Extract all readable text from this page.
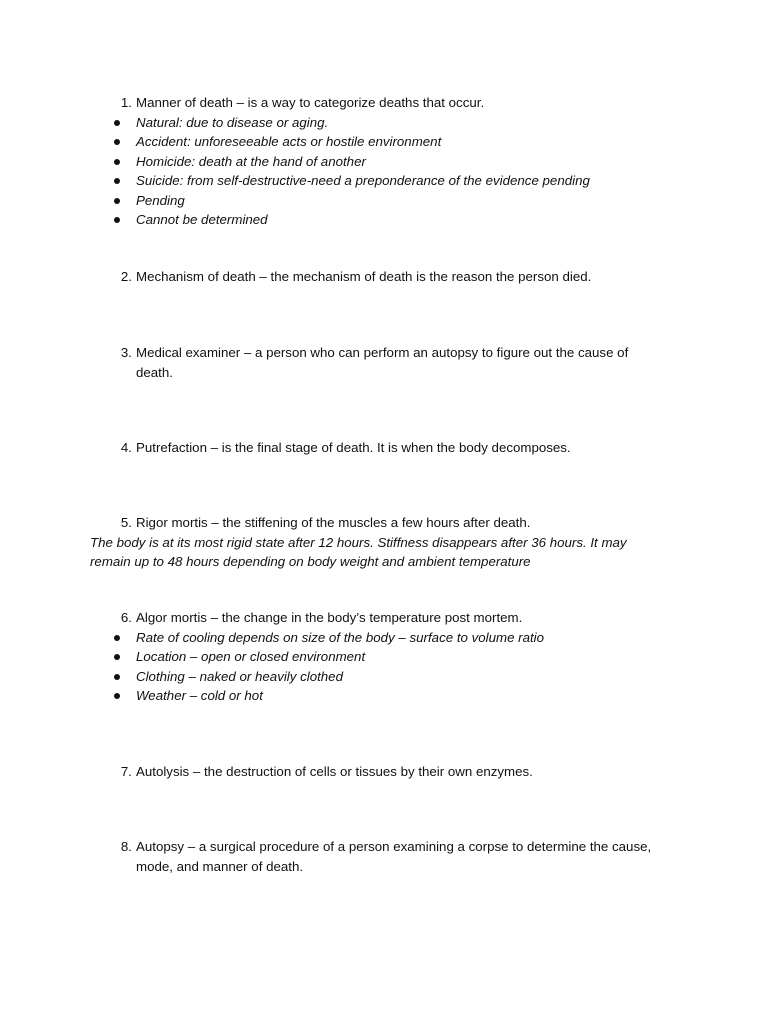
1. Manner of death – is a way to categorize deaths that occur.
Natural: due to disease or aging.
Accident: unforeseeable acts or hostile environment
Homicide: death at the hand of another
Suicide: from self-destructive-need a preponderance of the evidence pending
Pending
Cannot be determined
2. Mechanism of death – the mechanism of death is the reason the person died.
3. Medical examiner – a person who can perform an autopsy to figure out the cause of
death.
4. Putrefaction – is the final stage of death. It is when the body decomposes.
5. Rigor mortis – the stiffening of the muscles a few hours after death.
The body is at its most rigid state after 12 hours. Stiffness disappears after 36 hours. It may remain up to 48 hours depending on body weight and ambient temperature
6. Algor mortis – the change in the body’s temperature post mortem.
Rate of cooling depends on size of the body – surface to volume ratio
Location – open or closed environment
Clothing – naked or heavily clothed
Weather – cold or hot
7. Autolysis – the destruction of cells or tissues by their own enzymes.
8. Autopsy – a surgical procedure of a person examining a corpse to determine the cause,
mode, and manner of death.
